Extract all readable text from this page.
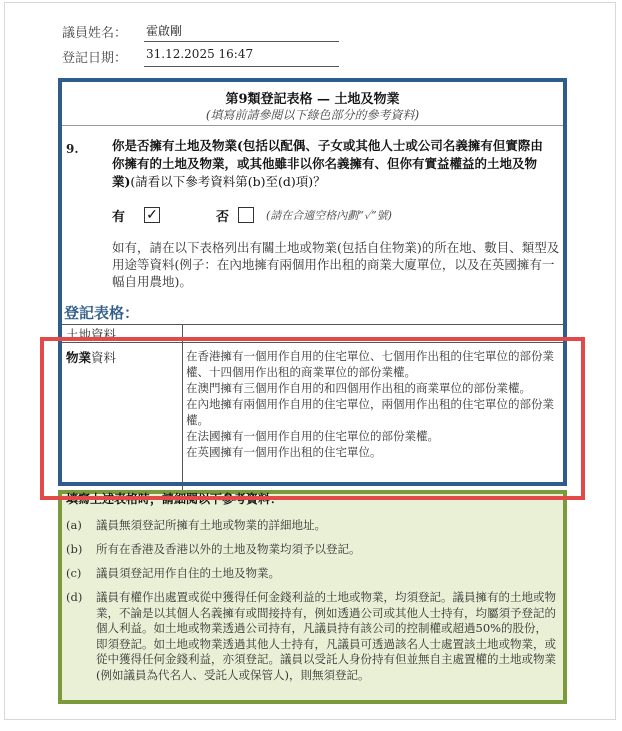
議員姓名： 霍啟剛
登記日期： 31.12.2025 16:47
第9類登記表格 — 土地及物業
(填寫前請參閱以下綠色部分的參考資料)
9.	你是否擁有土地及物業(包括以配偶、子女或其他人士或公司名義擁有但實際由你擁有的土地及物業，或其他雖非以你名義擁有、但你有實益權益的土地及物業)(請看以下參考資料第(b)至(d)項)？
有 ✓	否	(請在合適空格內劃“✓”號)
如有，請在以下表格列出有關土地或物業(包括自住物業)的所在地、數目、類型及用途等資料(例子：在內地擁有兩個用作出租的商業大廈單位，以及在英國擁有一幅自用農地)。
登記表格：
土地資料
物業資料	在香港擁有一個用作自用的住宅單位、七個用作出租的住宅單位的部份業權、十四個用作出租的商業單位的部份業權。
在澳門擁有三個用作自用的和四個用作出租的商業單位的部份業權。
在內地擁有兩個用作自用的住宅單位，兩個用作出租的住宅單位的部份業權。
在法國擁有一個用作自用的住宅單位的部份業權。
在英國擁有一個用作出租的住宅單位。
填寫上述表格時，請細閱以下參考資料：
(a) 議員無須登記所擁有土地或物業的詳細地址。
(b) 所有在香港及香港以外的土地及物業均須予以登記。
(c) 議員須登記用作自住的土地及物業。
(d) 議員有權作出處置或從中獲得任何金錢利益的土地或物業，均須登記。議員擁有的土地或物業，不論是以其個人名義擁有或間接持有，例如透過公司或其他人士持有，均屬須予登記的個人利益。如土地或物業透過公司持有，凡議員持有該公司的控制權或超過50%的股份，即須登記。如土地或物業透過其他人士持有，凡議員可透過該名人士處置該土地或物業，或從中獲得任何金錢利益，亦須登記。議員以受託人身份持有但並無自主處置權的土地或物業(例如議員為代名人、受託人或保管人)，則無須登記。
